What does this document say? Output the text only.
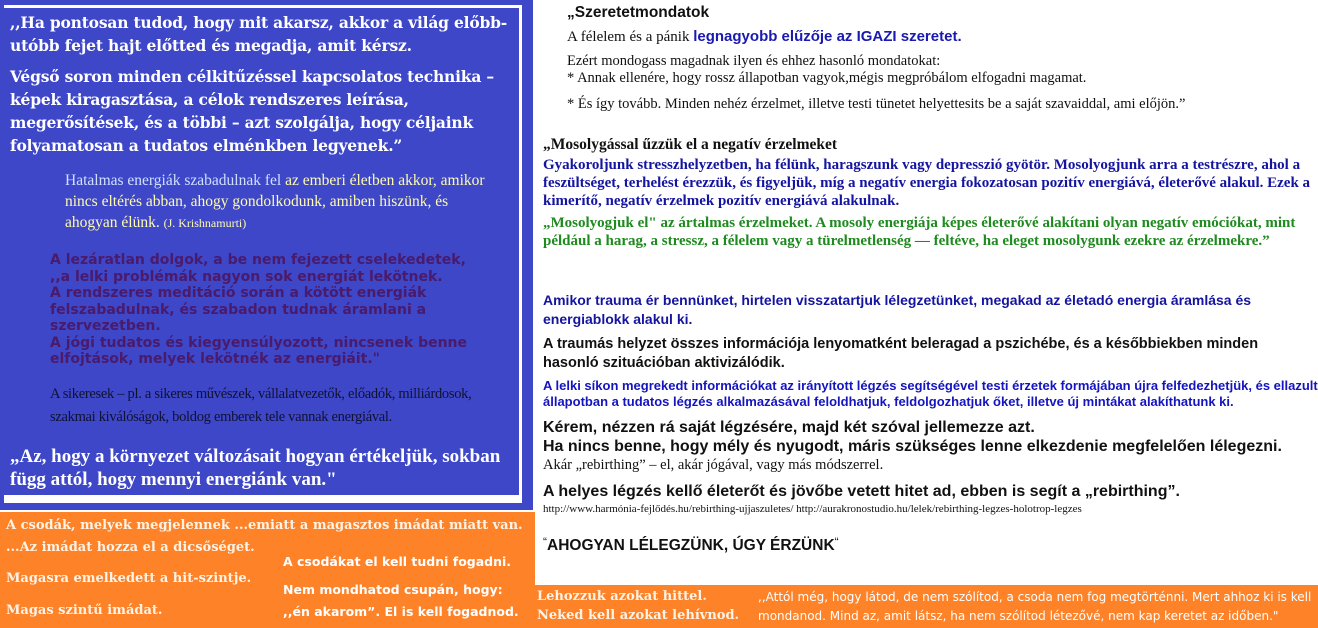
,,Ha pontosan tudod, hogy mit akarsz, akkor a világ előbb-utóbb fejet hajt előtted és megadja, amit kérsz.

Végső soron minden célkitűzéssel kapcsolatos technika – képek kiragasztása, a célok rendszeres leírása, megerősítések, és a többi – azt szolgálja, hogy céljaink folyamatosan a tudatos elménkben legyenek.”

Hatalmas energiák szabadulnak fel az emberi életben akkor, amikor nincs eltérés abban, ahogy gondolkodunk, amiben hiszünk, és ahogyan élünk. (J. Krishnamurti)

A lezáratlan dolgok, a be nem fejezett cselekedetek,
,,a lelki problémák nagyon sok energiát lekötnek.
A rendszeres meditáció során a kötött energiák felszabadulnak, és szabadon tudnak áramlani a szervezetben.
A jógi tudatos és kiegyensúlyozott, nincsenek benne elfojtások, melyek lekötnék az energiáit."

A sikeresek – pl. a sikeres művészek, vállalatvezetők, előadók, milliárdosok, szakmai kiválóságok, boldog emberek tele vannak energiával.

„Az, hogy a környezet változásait hogyan értékeljük, sokban függ attól, hogy mennyi energiánk van."

A csodák, melyek megjelennek ...emiatt a magasztos imádat miatt van.
...Az imádat hozza el a dicsőséget.
Magasra emelkedett a hit-szintje.
Magas szintű imádat.
A csodákat el kell tudni fogadni.
Nem mondhatod csupán, hogy: ,,én akarom”. El is kell fogadnod.

„Szeretetmondatok

A félelem és a pánik legnagyobb elűzője az IGAZI szeretet.

Ezért mondogass magadnak ilyen és ehhez hasonló mondatokat:
* Annak ellenére, hogy rossz állapotban vagyok,mégis megpróbálom elfogadni magamat.

* És így tovább. Minden nehéz érzelmet, illetve testi tünetet helyettesits be a saját szavaiddal, ami előjön.”

„Mosolygással űzzük el a negatív érzelmeket

Gyakoroljunk stresszhelyzetben, ha félünk, haragszunk vagy depresszió gyötör. Mosolyogjunk arra a testrészre, ahol a feszültséget, terhelést érezzük, és figyeljük, míg a negatív energia fokozatosan pozitív energiává, életerővé alakul. Ezek a kimerítő, negatív érzelmek pozitív energiává alakulnak.

„Mosolyogjuk el" az ártalmas érzelmeket. A mosoly energiája képes életerővé alakítani olyan negatív emóciókat, mint például a harag, a stressz, a félelem vagy a türelmetlenség — feltéve, ha eleget mosolygunk ezekre az érzelmekre.”

Amikor trauma ér bennünket, hirtelen visszatartjuk lélegzetünket, megakad az életadó energia áramlása és energiablokk alakul ki.

A traumás helyzet összes információja lenyomatként beleragad a pszichébe, és a későbbiekben minden hasonló szituációban aktivizálódik.

A lelki síkon megrekedt információkat az irányított légzés segítségével testi érzetek formájában újra felfedezhetjük, és ellazult állapotban a tudatos légzés alkalmazásával feloldhatjuk, feldolgozhatjuk őket, illetve új mintákat alakíthatunk ki.

Kérem, nézzen rá saját légzésére, majd két szóval jellemezze azt.
Ha nincs benne, hogy mély és nyugodt, máris szükséges lenne elkezdenie megfelelően lélegezni.

Akár „rebirthing” – el, akár jógával, vagy más módszerrel.

A helyes légzés kellő életerőt és jövőbe vetett hitet ad, ebben is segít a „rebirthing”.

http://www.harmónia-fejlődés.hu/rebirthing-ujjaszuletes/ http://aurakronostudio.hu/lelek/rebirthing-legzes-holotrop-legzes

“AHOGYAN LÉLEGZÜNK, ÚGY ÉRZÜNK“

Lehozzuk azokat hittel.
Neked kell azokat lehívnod.
,,Attól még, hogy látod, de nem szólítod, a csoda nem fog megtörténni. Mert ahhoz ki is kell mondanod. Mind az, amit látsz, ha nem szólítod létezővé, nem kap keretet az időben."
